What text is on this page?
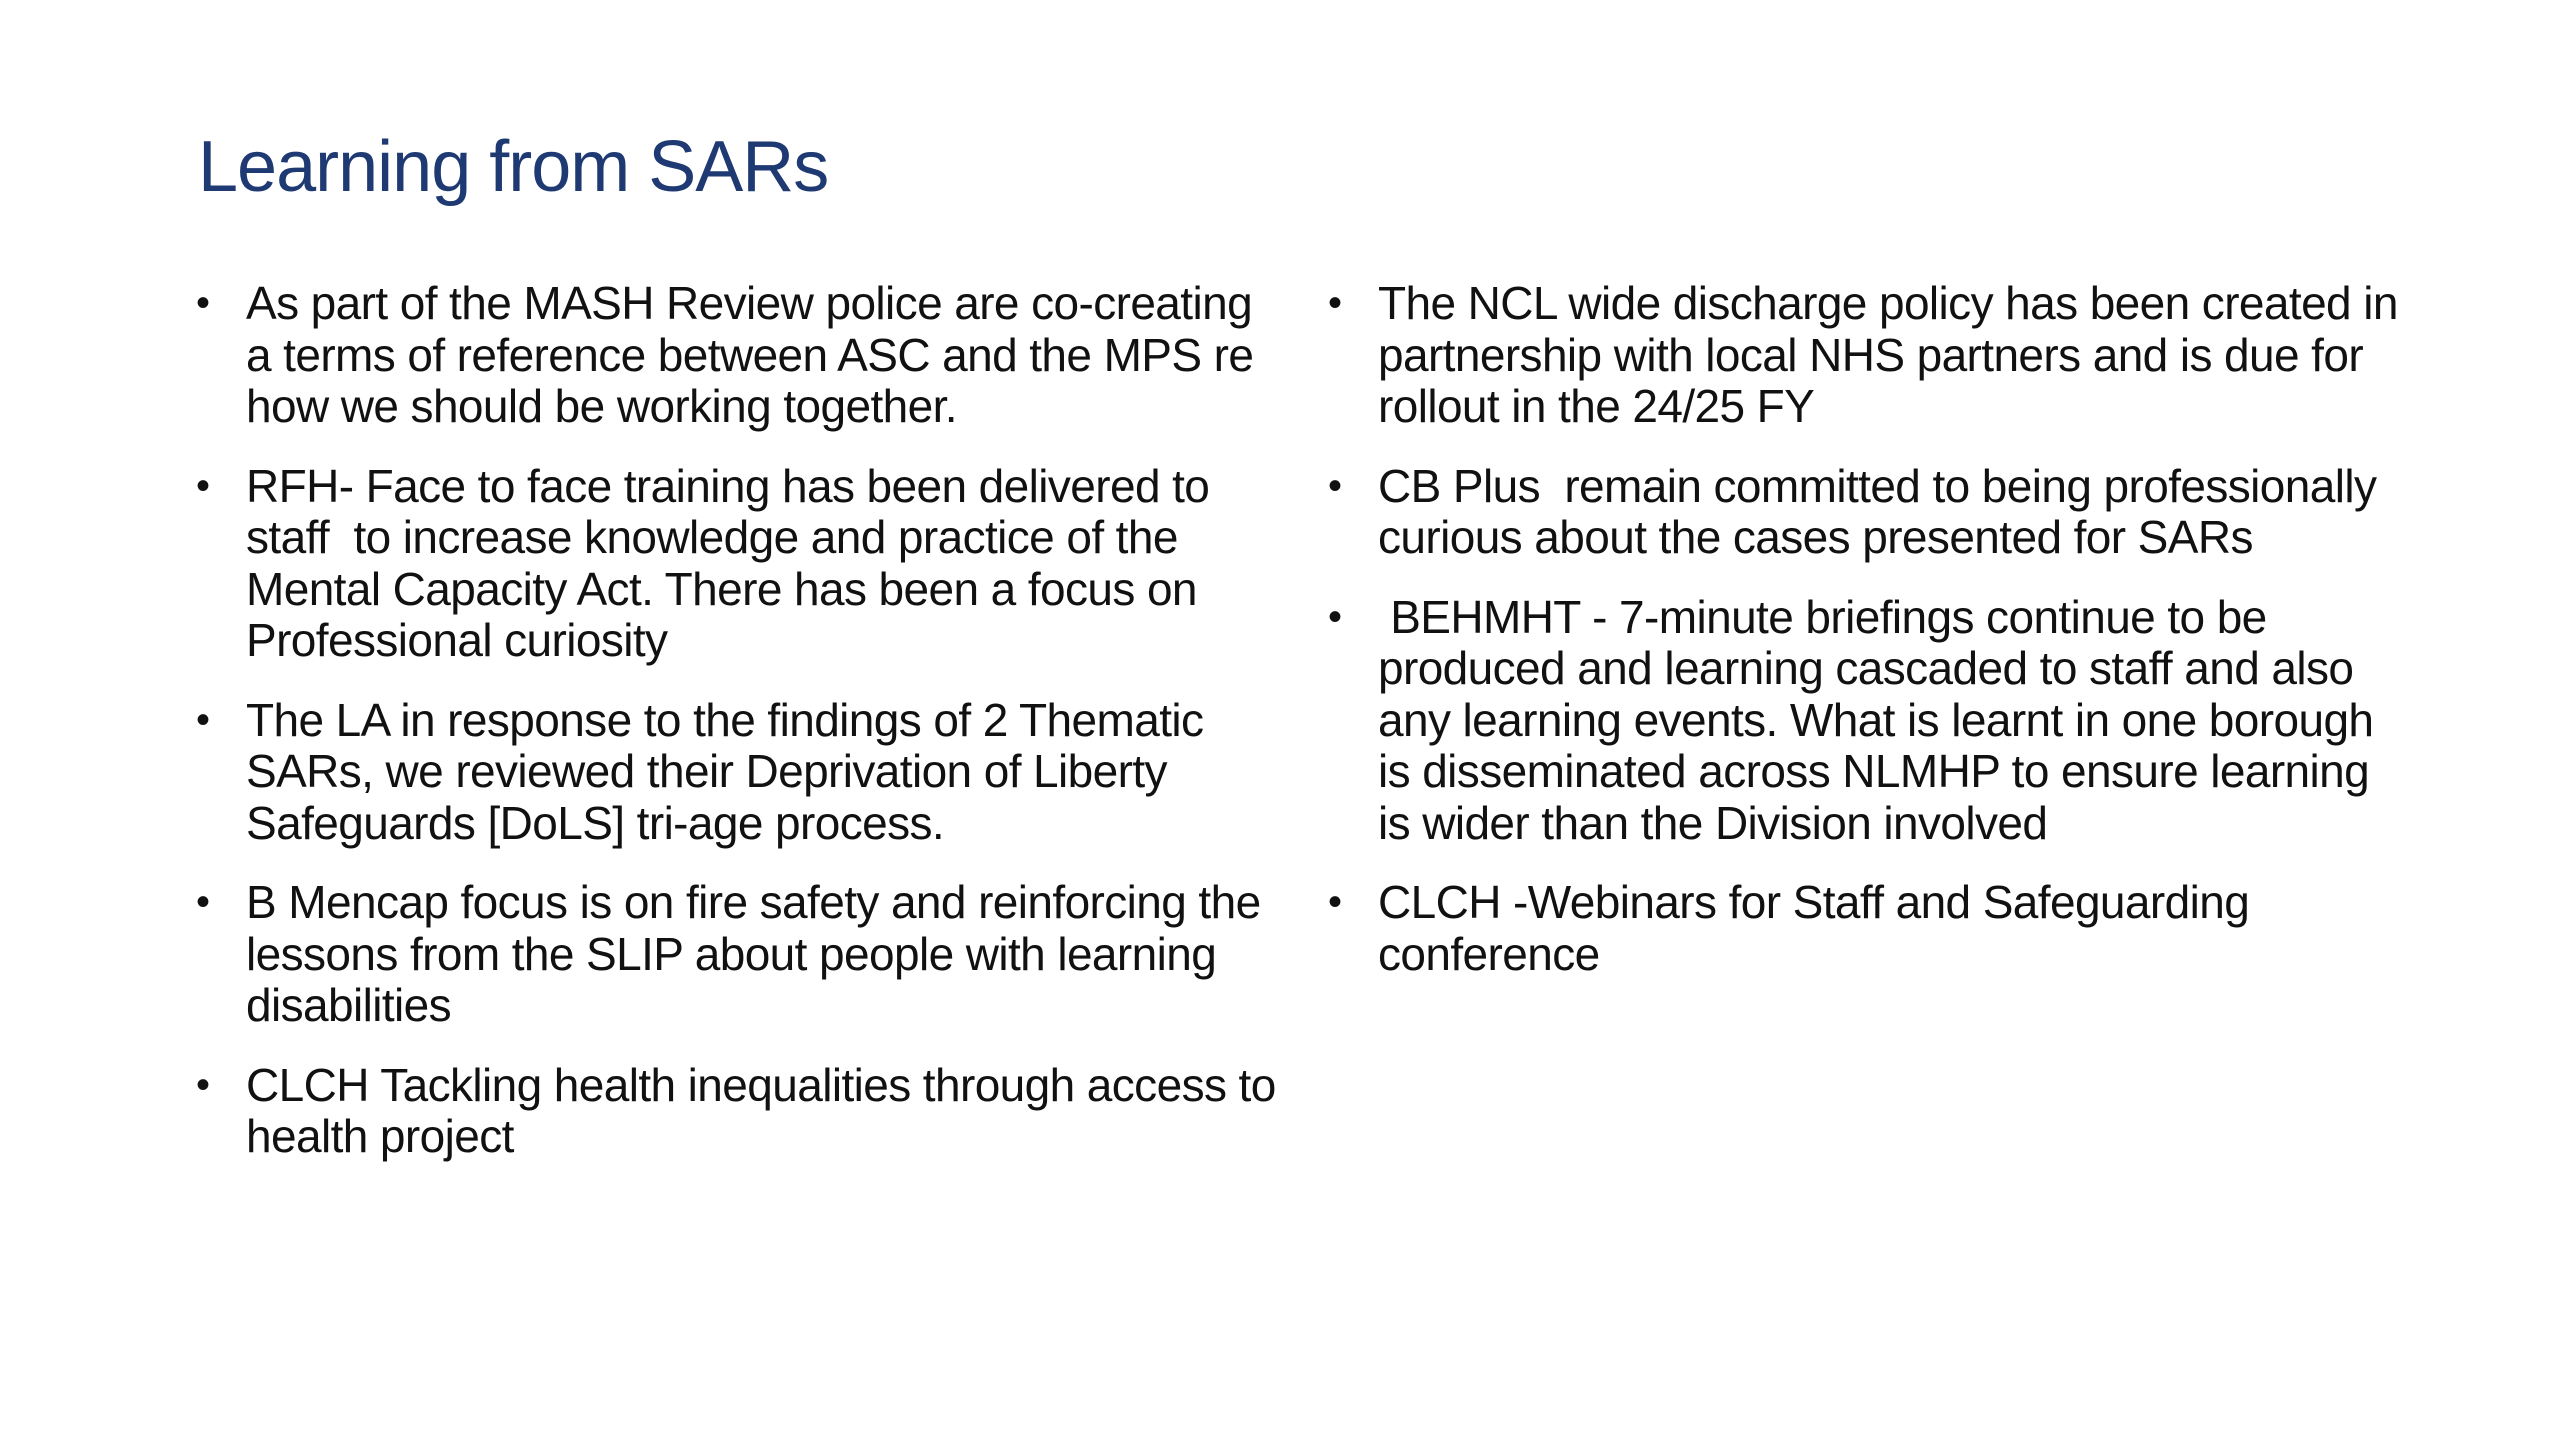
Learning from SARs
• As part of the MASH Review police are co-creating a terms of reference between ASC and the MPS re how we should be working together.
• RFH- Face to face training has been delivered to staff  to increase knowledge and practice of the  Mental Capacity Act. There has been a focus on Professional curiosity
• The LA in response to the findings of 2 Thematic SARs, we reviewed their Deprivation of Liberty Safeguards [DoLS] tri-age process.
• B Mencap focus is on fire safety and reinforcing the lessons from the SLIP about people with learning disabilities
• CLCH Tackling health inequalities through access to health project
• The NCL wide discharge policy has been created in partnership with local NHS partners and is due for rollout in the 24/25 FY
• CB Plus  remain committed to being professionally curious about the cases presented for SARs
• BEHMHT - 7-minute briefings continue to be produced and learning cascaded to staff and also any learning events. What is learnt in one borough is disseminated across NLMHP to ensure learning is wider than the Division involved
• CLCH -Webinars for Staff and Safeguarding conference
